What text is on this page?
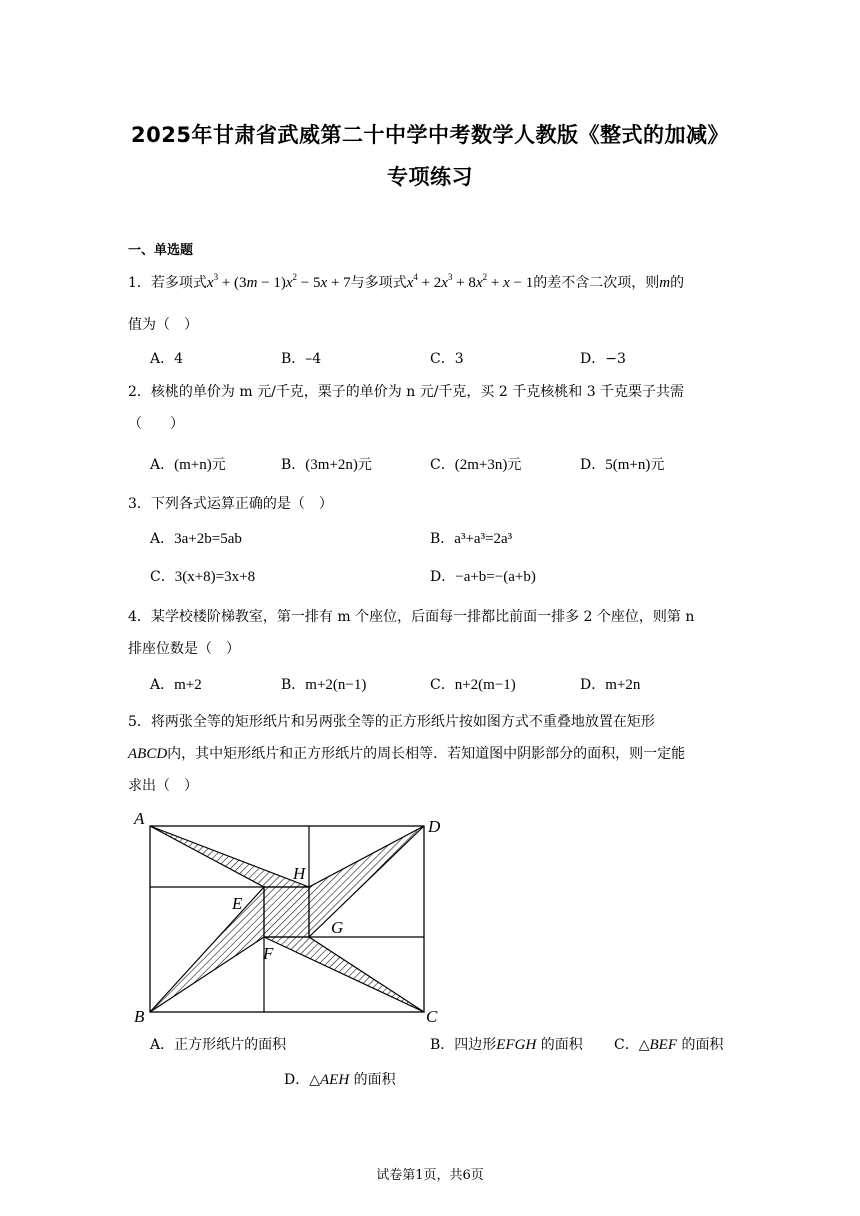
2025年甘肃省武威第二十中学中考数学人教版《整式的加减》
专项练习
一、单选题
1．若多项式$x^3 + (3m - 1)x^2 - 5x + 7$与多项式$x^4 + 2x^3 + 8x^2 + x - 1$的差不含二次项，则m的
值为（　）
A．4	B．–4	C．3	D．−3
2．核桃的单价为 m 元/千克，栗子的单价为 n 元/千克，买 2 千克核桃和 3 千克栗子共需
（　　）
A．(m+n)元	B．(3m+2n)元	C．(2m+3n)元	D．5(m+n)元
3．下列各式运算正确的是（　）
A．3a+2b=5ab	B．a³+a³=2a³
C．3(x+8)=3x+8	D．−a+b=−(a+b)
4．某学校楼阶梯教室，第一排有 m 个座位，后面每一排都比前面一排多 2 个座位，则第 n
排座位数是（　）
A．m+2	B．m+2(n−1)	C．n+2(m−1)	D．m+2n
5．将两张全等的矩形纸片和另两张全等的正方形纸片按如图方式不重叠地放置在矩形
ABCD内，其中矩形纸片和正方形纸片的周长相等．若知道图中阴影部分的面积，则一定能
求出（　）
A	D
H
E
G
F
B	C
A．正方形纸片的面积	B．四边形EFGH 的面积 C．△BEF 的面积
D．△AEH 的面积
试卷第1页，共6页
